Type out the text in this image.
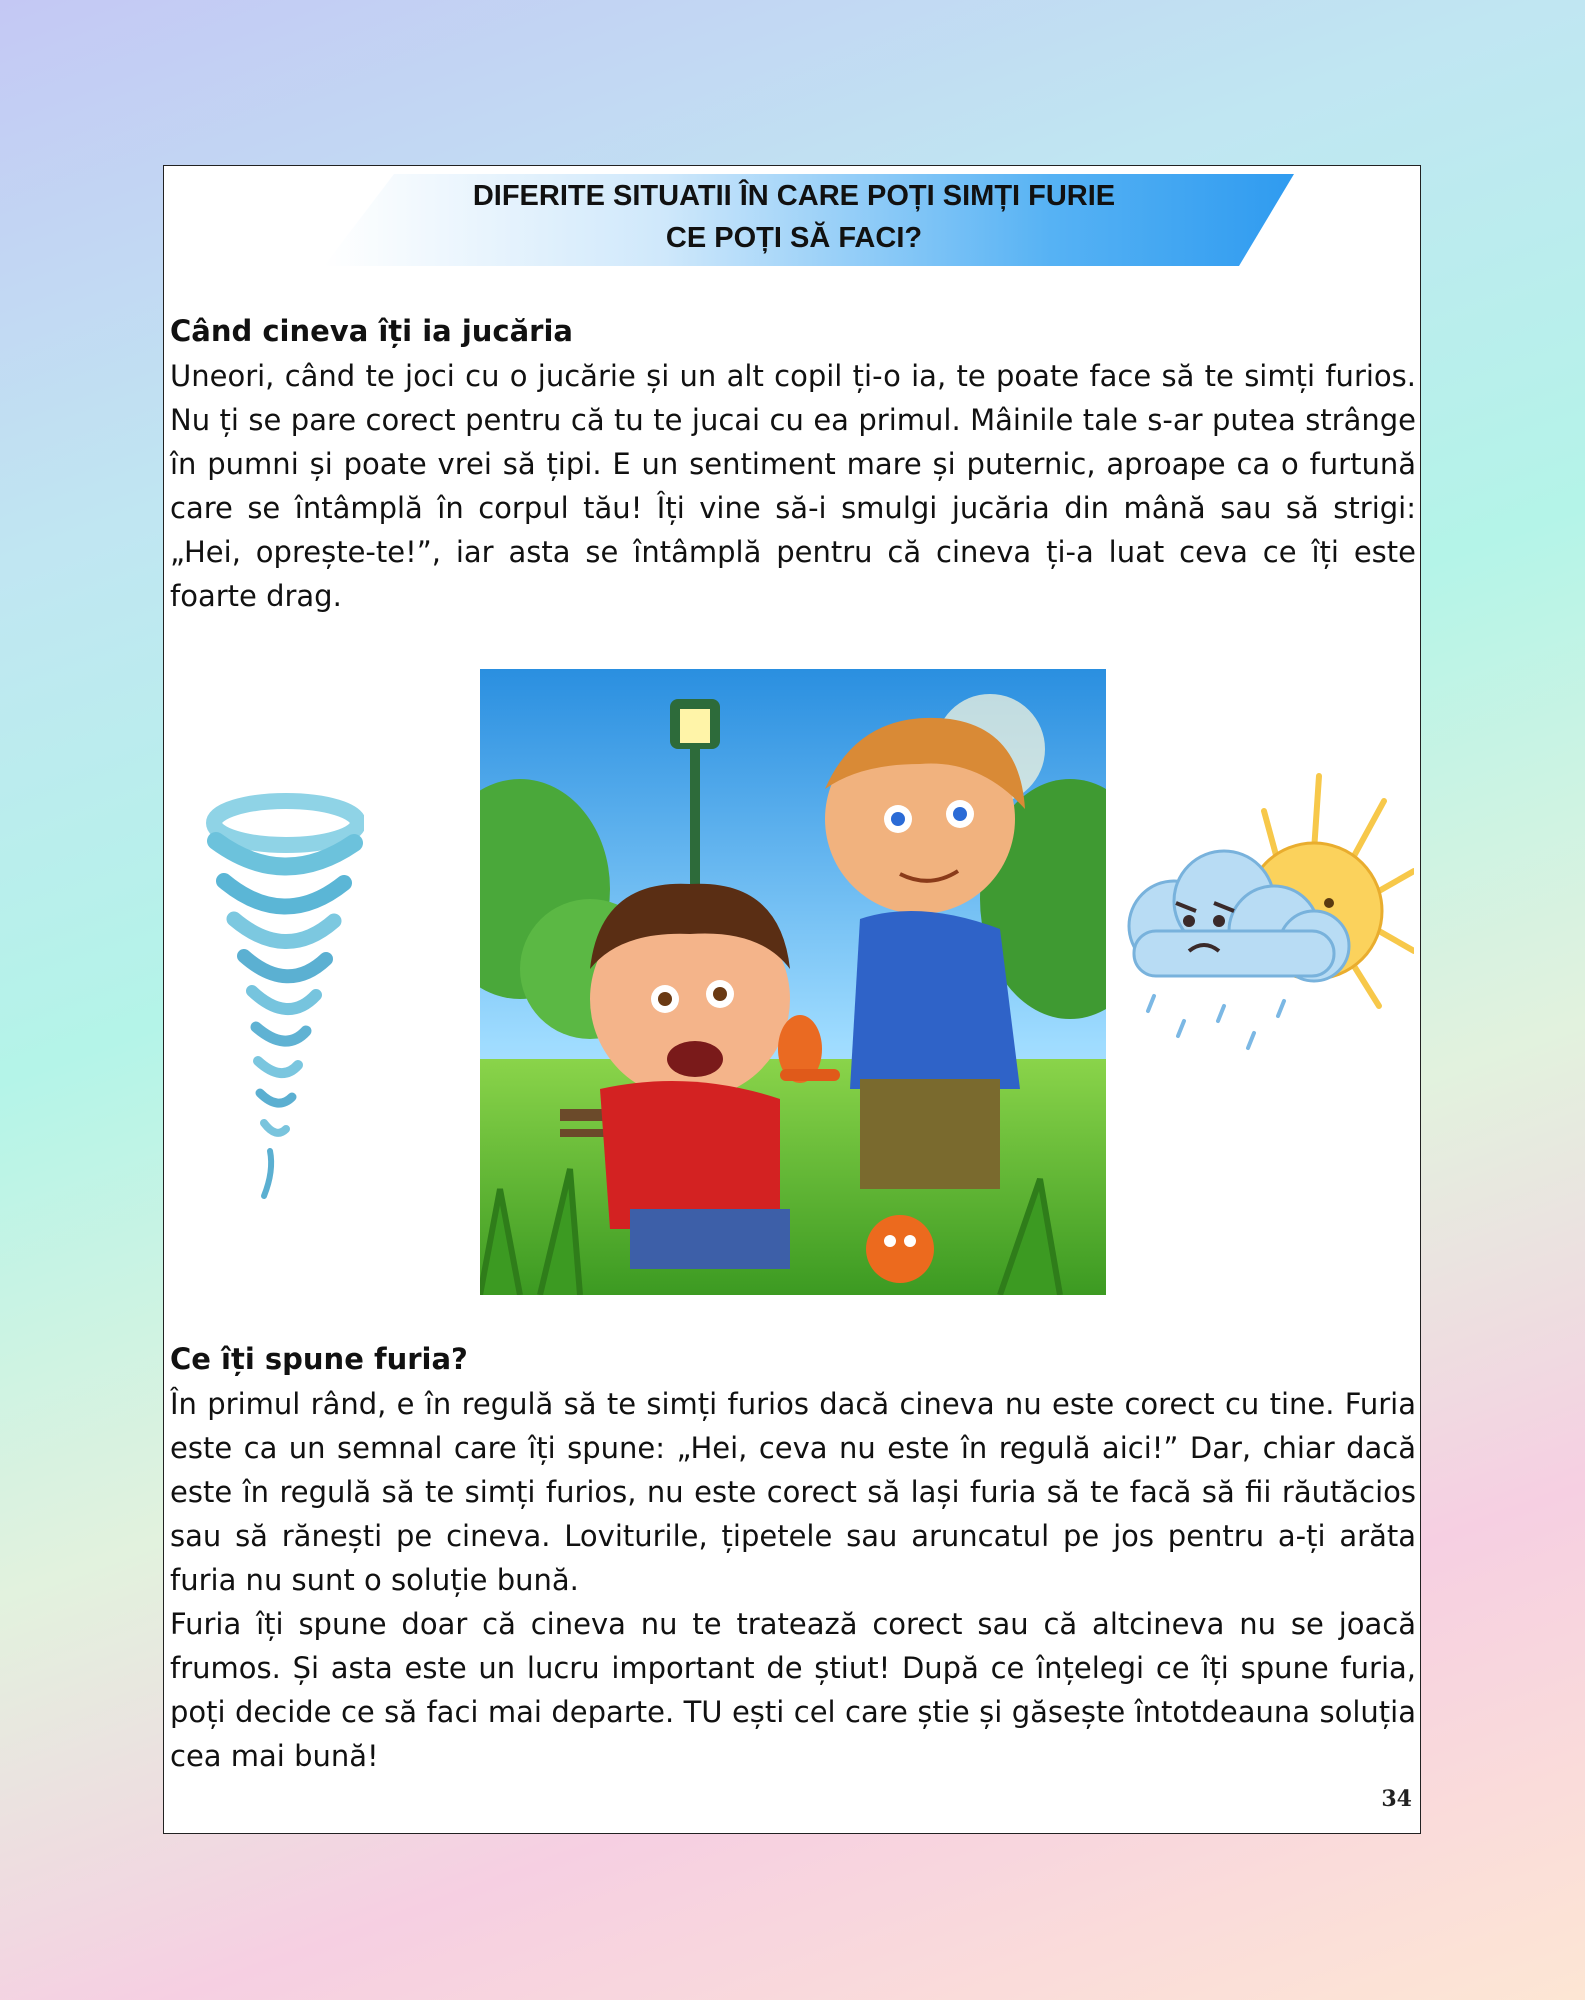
DIFERITE SITUATII ÎN CARE POȚI SIMȚI FURIE
CE POȚI SĂ FACI?
Când cineva îți ia jucăria

Uneori, când te joci cu o jucărie și un alt copil ți-o ia, te poate face să te simți furios. Nu ți se pare corect pentru că tu te jucai cu ea primul. Mâinile tale s-ar putea strânge în pumni și poate vrei să țipi. E un sentiment mare și puternic, aproape ca o furtună care se întâmplă în corpul tău! Îți vine să-i smulgi jucăria din mână sau să strigi: „Hei, oprește-te!”, iar asta se întâmplă pentru că cineva ți-a luat ceva ce îți este foarte drag.

Ce îți spune furia?

În primul rând, e în regulă să te simți furios dacă cineva nu este corect cu tine. Furia este ca un semnal care îți spune: „Hei, ceva nu este în regulă aici!” Dar, chiar dacă este în regulă să te simți furios, nu este corect să lași furia să te facă să fii răutăcios sau să rănești pe cineva. Loviturile, țipetele sau aruncatul pe jos pentru a-ți arăta furia nu sunt o soluție bună.

Furia îți spune doar că cineva nu te tratează corect sau că altcineva nu se joacă frumos. Și asta este un lucru important de știut! După ce înțelegi ce îți spune furia, poți decide ce să faci mai departe. TU ești cel care știe și găsește întotdeauna soluția cea mai bună!

34
